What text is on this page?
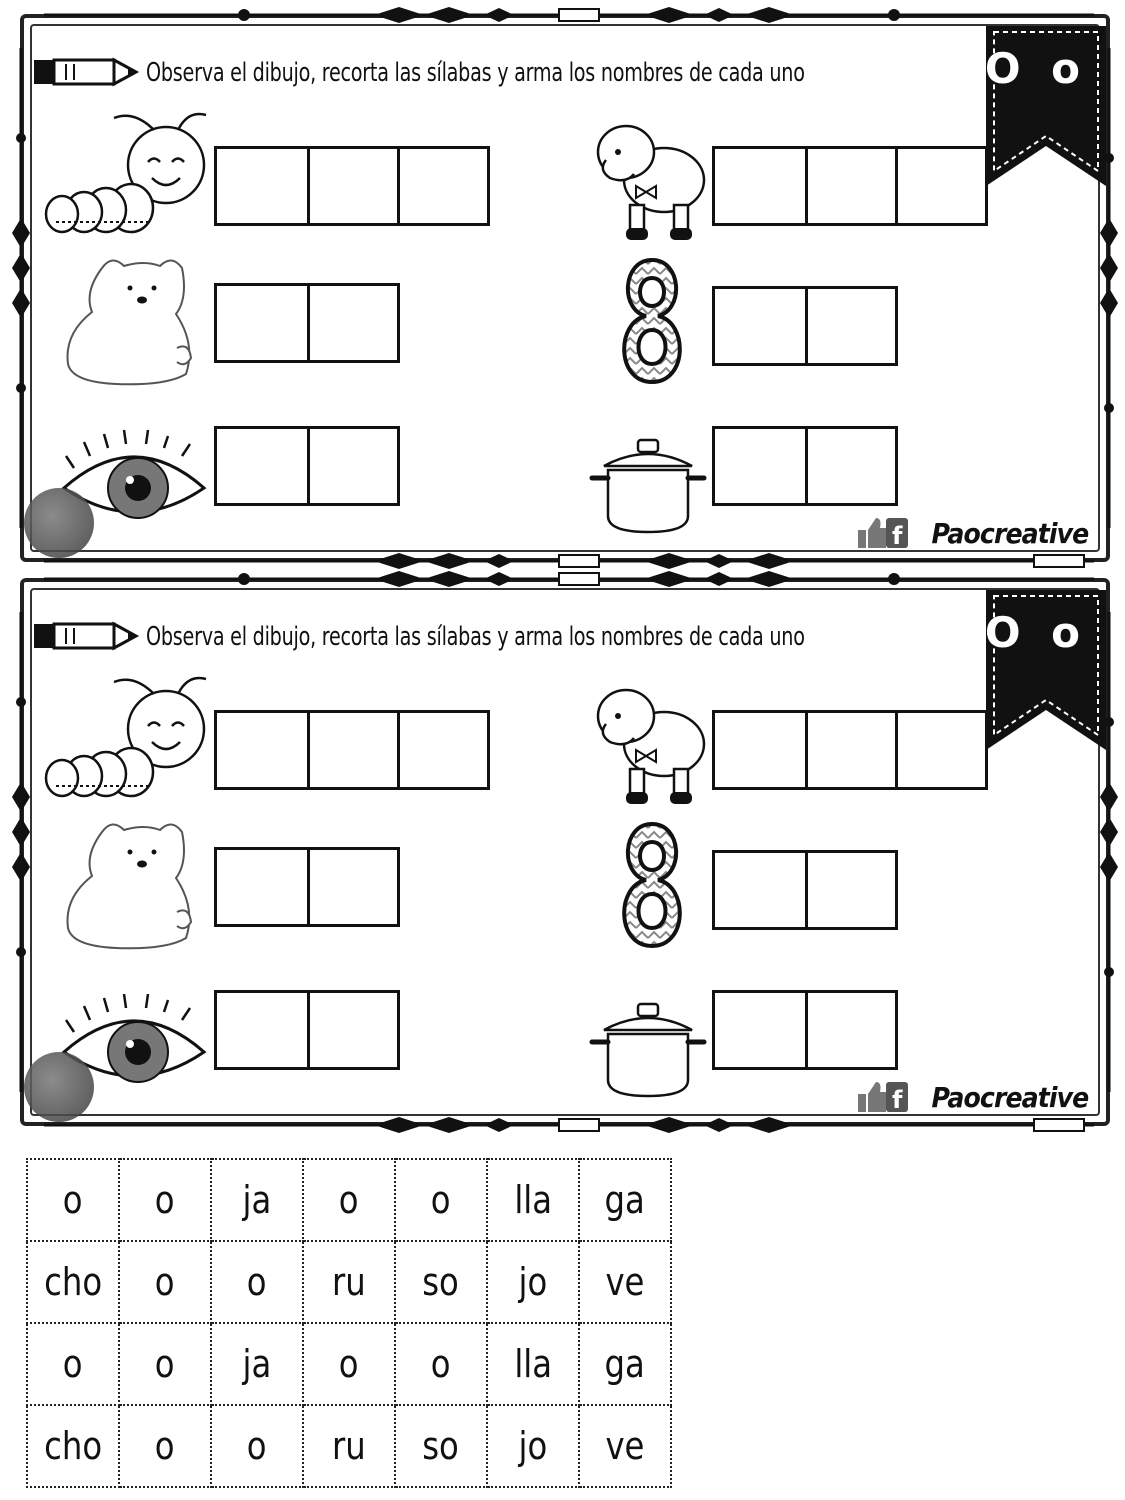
Observa el dibujo, recorta las sílabas y arma los nombres de cada uno	O o
f Paocreative
Observa el dibujo, recorta las sílabas y arma los nombres de cada uno	O o
f Paocreative
o	o	ja	o	o	lla	ga
cho	o	o	ru	so	jo	ve
o	o	ja	o	o	lla	ga
cho	o	o	ru	so	jo	ve
